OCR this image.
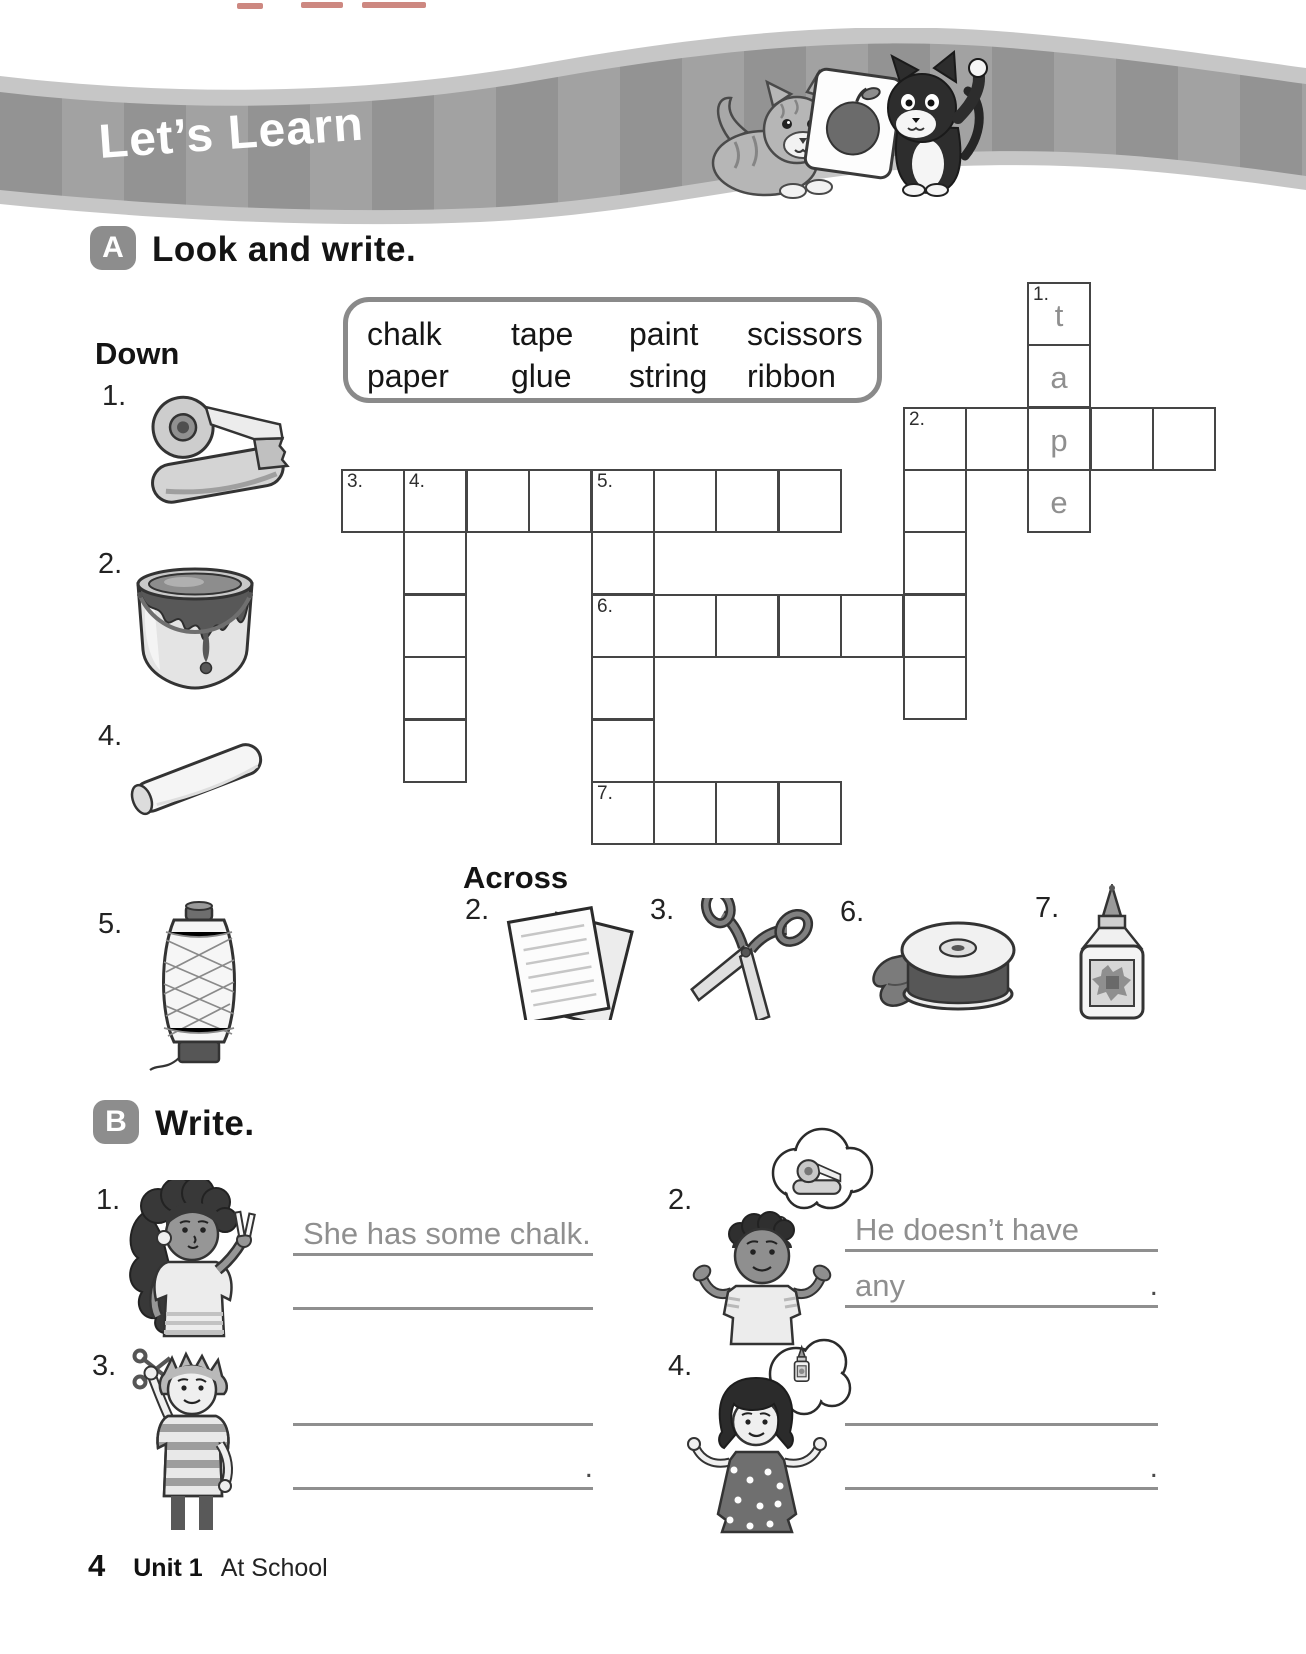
Let’s Learn
A Look and write.
chalk tape paint scissors
paper glue string ribbon
Down
1.
2.
4.
5.
1.
t
a
p
e
2.
3. 4.	5.
6.
7.
Across
2.	3.	6.	7.
B Write.
1.
She has some chalk.
2.
He doesn’t have
any	.
3.
.
4.
.
4 Unit 1 At School
